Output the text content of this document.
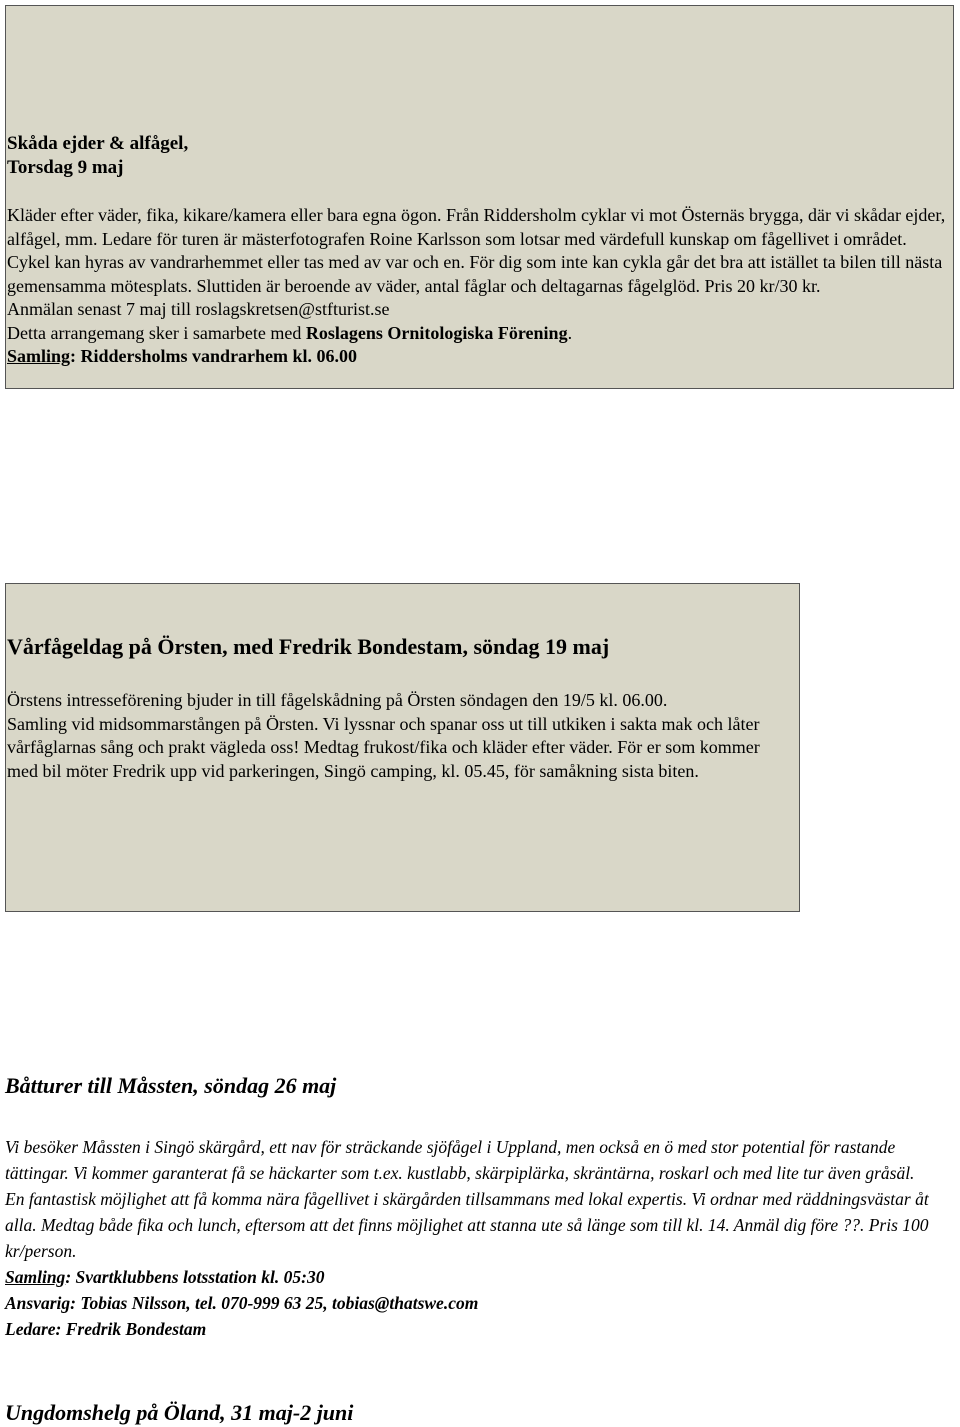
Skåda ejder & alfågel,
Torsdag 9 maj
Kläder efter väder, fika, kikare/kamera eller bara egna ögon. Från Riddersholm cyklar vi mot Östernäs brygga, där vi skådar ejder, alfågel, mm. Ledare för turen är mästerfotografen Roine Karlsson som lotsar med värdefull kunskap om fågellivet i området. Cykel kan hyras av vandrarhemmet eller tas med av var och en. För dig som inte kan cykla går det bra att istället ta bilen till nästa gemensamma mötesplats. Sluttiden är beroende av väder, antal fåglar och deltagarnas fågelglöd. Pris 20 kr/30 kr.
Anmälan senast 7 maj till roslagskretsen@stfturist.se
Detta arrangemang sker i samarbete med Roslagens Ornitologiska Förening.
Samling: Riddersholms vandrarhem kl. 06.00
Vårfågeldag på Örsten, med Fredrik Bondestam, söndag 19 maj
Örstens intresseförening bjuder in till fågelskådning på Örsten söndagen den 19/5 kl. 06.00.
Samling vid midsommarstången på Örsten. Vi lyssnar och spanar oss ut till utkiken i sakta mak och låter vårfåglarnas sång och prakt vägleda oss! Medtag frukost/fika och kläder efter väder. För er som kommer med bil möter Fredrik upp vid parkeringen, Singö camping, kl. 05.45, för samåkning sista biten.
Båtturer till Måssten, söndag 26 maj
Vi besöker Måssten i Singö skärgård, ett nav för sträckande sjöfågel i Uppland, men också en ö med stor potential för rastande tättingar. Vi kommer garanterat få se häckarter som t.ex. kustlabb, skärpiplärka, skräntärna, roskarl och med lite tur även gråsäl.
En fantastisk möjlighet att få komma nära fågellivet i skärgården tillsammans med lokal expertis. Vi ordnar med räddningsvästar åt alla. Medtag både fika och lunch, eftersom att det finns möjlighet att stanna ute så länge som till kl. 14. Anmäl dig före ??. Pris 100 kr/person.
Samling: Svartklubbens lotsstation kl. 05:30
Ansvarig: Tobias Nilsson, tel. 070-999 63 25, tobias@thatswe.com
Ledare: Fredrik Bondestam
Ungdomshelg på Öland, 31 maj-2 juni
